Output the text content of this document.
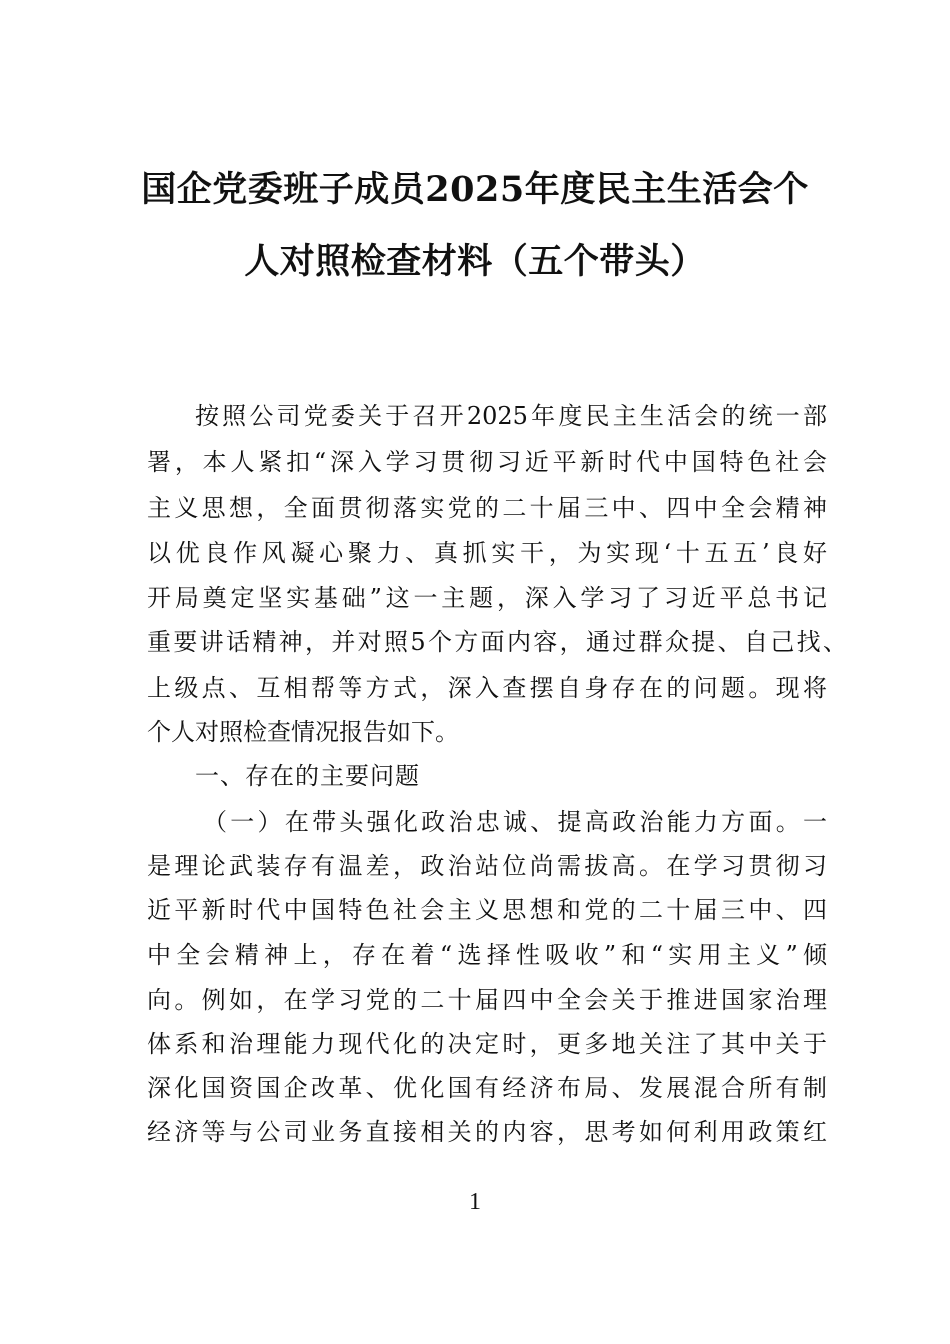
国企党委班子成员2025年度民主生活会个
人对照检查材料（五个带头）

按照公司党委关于召开2025年度民主生活会的统一部

署，本人紧扣“深入学习贯彻习近平新时代中国特色社会

主义思想，全面贯彻落实党的二十届三中、四中全会精神

以优良作风凝心聚力、真抓实干，为实现‘十五五’良好

开局奠定坚实基础”这一主题，深入学习了习近平总书记

重要讲话精神，并对照5个方面内容，通过群众提、自己找、

上级点、互相帮等方式，深入查摆自身存在的问题。现将

个人对照检查情况报告如下。

一、存在的主要问题

（一）在带头强化政治忠诚、提高政治能力方面。一

是理论武装存有温差，政治站位尚需拔高。在学习贯彻习

近平新时代中国特色社会主义思想和党的二十届三中、四

中全会精神上，存在着“选择性吸收”和“实用主义”倾

向。例如，在学习党的二十届四中全会关于推进国家治理

体系和治理能力现代化的决定时，更多地关注了其中关于

深化国资国企改革、优化国有经济布局、发展混合所有制

经济等与公司业务直接相关的内容，思考如何利用政策红

1
